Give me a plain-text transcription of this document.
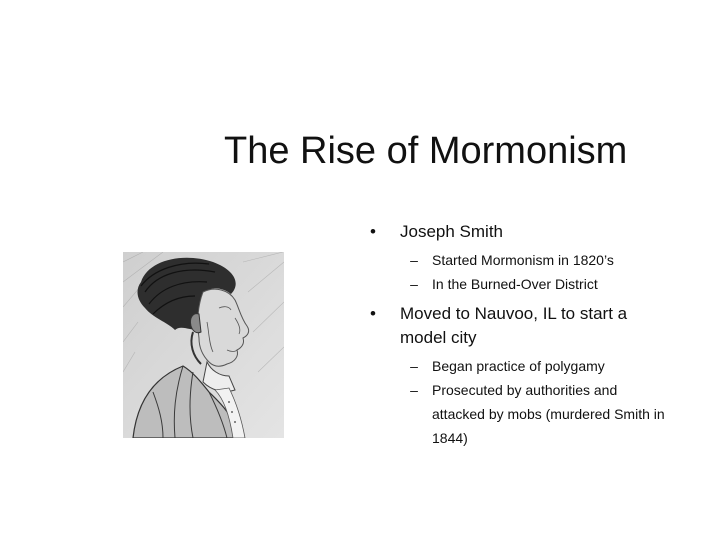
The Rise of Mormonism
• Joseph Smith
– Started Mormonism in 1820’s
– In the Burned-Over District
• Moved to Nauvoo, IL to start a model city
– Began practice of polygamy
– Prosecuted by authorities and attacked by mobs (murdered Smith in 1844)
